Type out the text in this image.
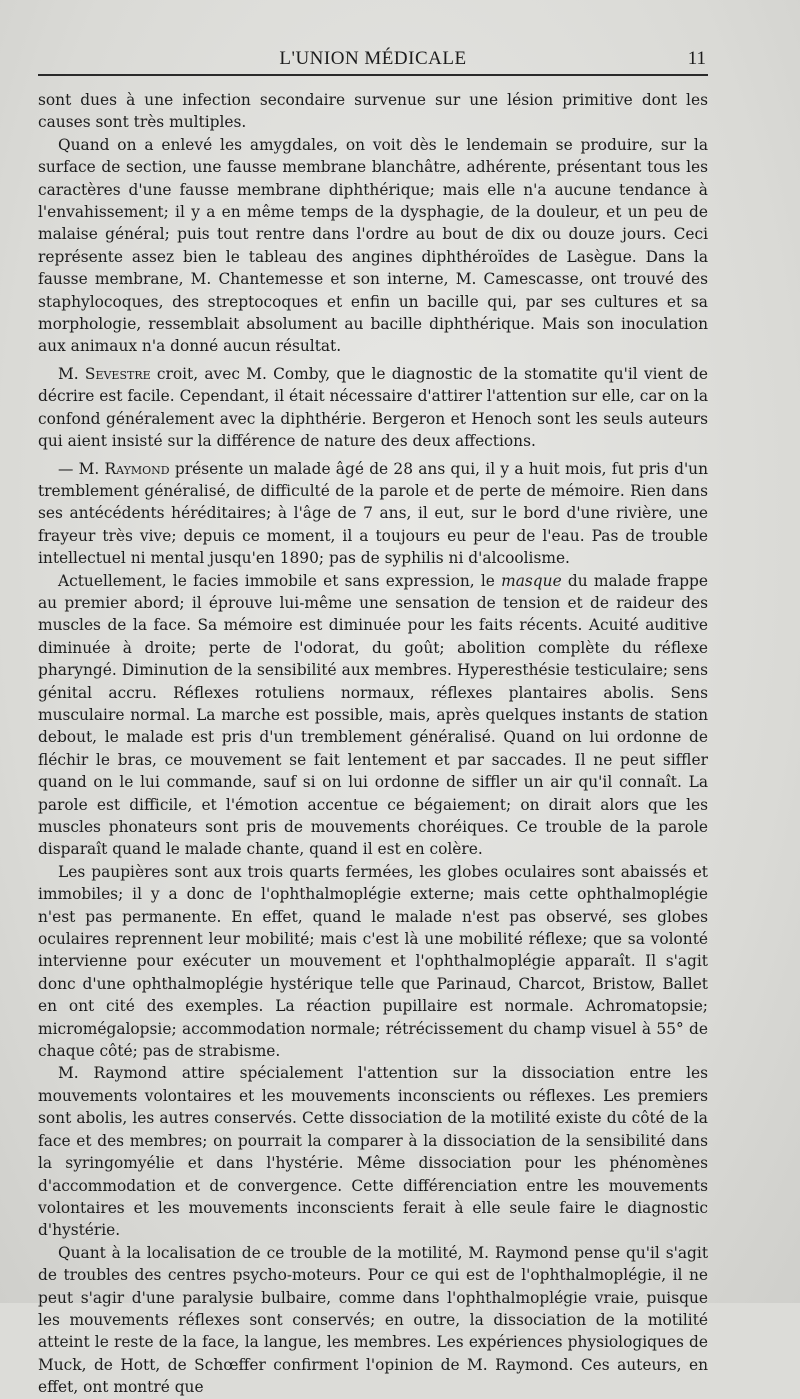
L'UNION MÉDICALE	11

sont dues à une infection secondaire survenue sur une lésion primitive dont les causes sont très multiples.

Quand on a enlevé les amygdales, on voit dès le lendemain se produire, sur la surface de section, une fausse membrane blanchâtre, adhérente, présentant tous les caractères d'une fausse membrane diphthérique; mais elle n'a aucune tendance à l'envahissement; il y a en même temps de la dysphagie, de la douleur, et un peu de malaise général; puis tout rentre dans l'ordre au bout de dix ou douze jours. Ceci représente assez bien le tableau des angines diphthéroïdes de Lasègue. Dans la fausse membrane, M. Chantemesse et son interne, M. Camescasse, ont trouvé des staphylocoques, des streptocoques et enfin un bacille qui, par ses cultures et sa morphologie, ressemblait absolument au bacille diphthérique. Mais son inoculation aux animaux n'a donné aucun résultat.

M. Sevestre croit, avec M. Comby, que le diagnostic de la stomatite qu'il vient de décrire est facile. Cependant, il était nécessaire d'attirer l'attention sur elle, car on la confond généralement avec la diphthérie. Bergeron et Henoch sont les seuls auteurs qui aient insisté sur la différence de nature des deux affections.

— M. Raymond présente un malade âgé de 28 ans qui, il y a huit mois, fut pris d'un tremblement généralisé, de difficulté de la parole et de perte de mémoire. Rien dans ses antécédents héréditaires; à l'âge de 7 ans, il eut, sur le bord d'une rivière, une frayeur très vive; depuis ce moment, il a toujours eu peur de l'eau. Pas de trouble intellectuel ni mental jusqu'en 1890; pas de syphilis ni d'alcoolisme.

Actuellement, le facies immobile et sans expression, le masque du malade frappe au premier abord; il éprouve lui-même une sensation de tension et de raideur des muscles de la face. Sa mémoire est diminuée pour les faits récents. Acuité auditive diminuée à droite; perte de l'odorat, du goût; abolition complète du réflexe pharyngé. Diminution de la sensibilité aux membres. Hyperesthésie testiculaire; sens génital accru. Réflexes rotuliens normaux, réflexes plantaires abolis. Sens musculaire normal. La marche est possible, mais, après quelques instants de station debout, le malade est pris d'un tremblement généralisé. Quand on lui ordonne de fléchir le bras, ce mouvement se fait lentement et par saccades. Il ne peut siffler quand on le lui commande, sauf si on lui ordonne de siffler un air qu'il connaît. La parole est difficile, et l'émotion accentue ce bégaiement; on dirait alors que les muscles phonateurs sont pris de mouvements choréiques. Ce trouble de la parole disparaît quand le malade chante, quand il est en colère.

Les paupières sont aux trois quarts fermées, les globes oculaires sont abaissés et immobiles; il y a donc de l'ophthalmoplégie externe; mais cette ophthalmoplégie n'est pas permanente. En effet, quand le malade n'est pas observé, ses globes oculaires reprennent leur mobilité; mais c'est là une mobilité réflexe; que sa volonté intervienne pour exécuter un mouvement et l'ophthalmoplégie apparaît. Il s'agit donc d'une ophthalmoplégie hystérique telle que Parinaud, Charcot, Bristow, Ballet en ont cité des exemples. La réaction pupillaire est normale. Achromatopsie; micromégalopsie; accommodation normale; rétrécissement du champ visuel à 55° de chaque côté; pas de strabisme.

M. Raymond attire spécialement l'attention sur la dissociation entre les mouvements volontaires et les mouvements inconscients ou réflexes. Les premiers sont abolis, les autres conservés. Cette dissociation de la motilité existe du côté de la face et des membres; on pourrait la comparer à la dissociation de la sensibilité dans la syringomyélie et dans l'hystérie. Même dissociation pour les phénomènes d'accommodation et de convergence. Cette différenciation entre les mouvements volontaires et les mouvements inconscients ferait à elle seule faire le diagnostic d'hystérie.

Quant à la localisation de ce trouble de la motilité, M. Raymond pense qu'il s'agit de troubles des centres psycho-moteurs. Pour ce qui est de l'ophthalmoplégie, il ne peut s'agir d'une paralysie bulbaire, comme dans l'ophthalmoplégie vraie, puisque les mouvements réflexes sont conservés; en outre, la dissociation de la motilité atteint le reste de la face, la langue, les membres. Les expériences physiologiques de Muck, de Hott, de Schœffer confirment l'opinion de M. Raymond. Ces auteurs, en effet, ont montré que
